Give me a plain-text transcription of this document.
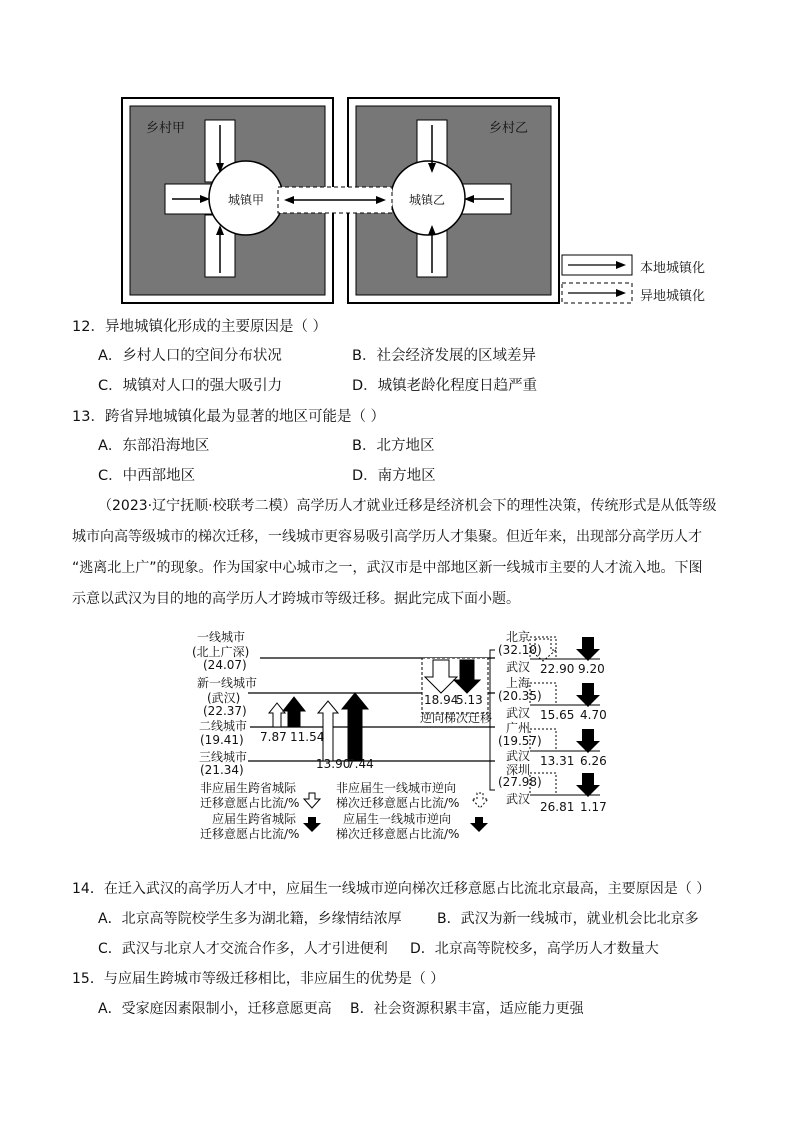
乡村甲	乡村乙
城镇甲	城镇乙
本地城镇化
异地城镇化
12．异地城镇化形成的主要原因是（ ）
A．乡村人口的空间分布状况	B．社会经济发展的区域差异
C．城镇对人口的强大吸引力	D．城镇老龄化程度日趋严重
13．跨省异地城镇化最为显著的地区可能是（ ）
A．东部沿海地区	B．北方地区
C．中西部地区	D．南方地区
（2023·辽宁抚顺·校联考二模）高学历人才就业迁移是经济机会下的理性决策，传统形式是从低等级
城市向高等级城市的梯次迁移，一线城市更容易吸引高学历人才集聚。但近年来，出现部分高学历人才
“逃离北上广”的现象。作为国家中心城市之一，武汉市是中部地区新一线城市主要的人才流入地。下图
示意以武汉为目的地的高学历人才跨城市等级迁移。据此完成下面小题。
一线城市
(北上广深)
(24.07)
新一线城市
(武汉)
(22.37)
二线城市
(19.41)
三线城市
(21.34)
7.87 11.54
13.90
7.44
18.94
5.13
逆向梯次迁移
北京
(32.10)
武汉 22.90 9.20
上海
(20.35)
武汉 15.65 4.70
广州
(19.57)
武汉 13.31 6.26
深圳
(27.98)
武汉
26.81 1.17
非应届生跨省城际
迁移意愿占比流/%
非应届生一线城市逆向
梯次迁移意愿占比流/%
应届生跨省城际
迁移意愿占比流/%
应届生一线城市逆向
梯次迁移意愿占比流/%
14．在迁入武汉的高学历人才中，应届生一线城市逆向梯次迁移意愿占比流北京最高，主要原因是（ ）
A．北京高等院校学生多为湖北籍，乡缘情结浓厚	B．武汉为新一线城市，就业机会比北京多
C．武汉与北京人才交流合作多，人才引进便利 D．北京高等院校多，高学历人才数量大
15．与应届生跨城市等级迁移相比，非应届生的优势是（ ）
A．受家庭因素限制小，迁移意愿更高 B．社会资源积累丰富，适应能力更强
